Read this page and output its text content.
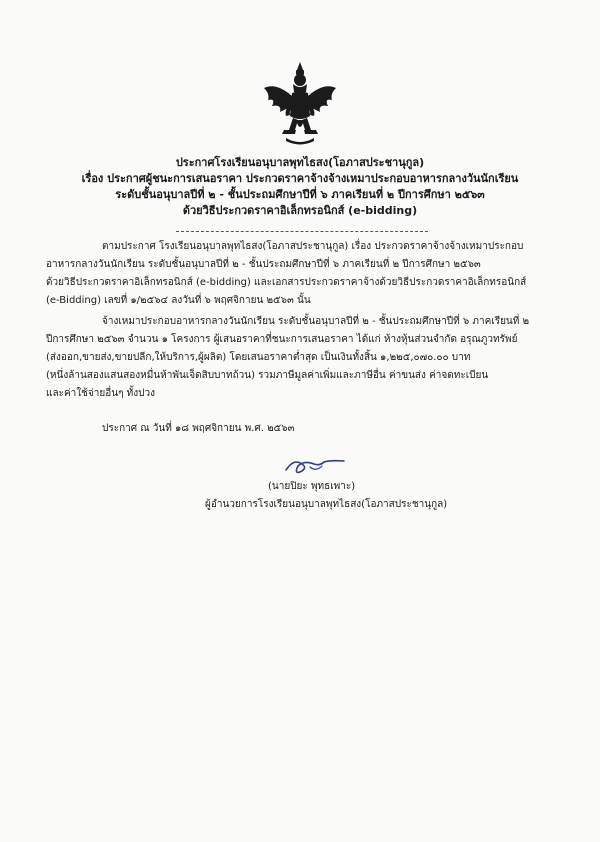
ประกาศโรงเรียนอนุบาลพุทไธสง(โอภาสประชานุกูล)
เรื่อง ประกาศผู้ชนะการเสนอราคา ประกวดราคาจ้างจ้างเหมาประกอบอาหารกลางวันนักเรียน
ระดับชั้นอนุบาลปีที่ ๒ - ชั้นประถมศึกษาปีที่ ๖ ภาคเรียนที่ ๒ ปีการศึกษา ๒๕๖๓
ด้วยวิธีประกวดราคาอิเล็กทรอนิกส์ (e-bidding)
ตามประกาศ โรงเรียนอนุบาลพุทไธสง(โอภาสประชานุกูล) เรื่อง ประกวดราคาจ้างจ้างเหมาประกอบ
อาหารกลางวันนักเรียน ระดับชั้นอนุบาลปีที่ ๒ - ชั้นประถมศึกษาปีที่ ๖ ภาคเรียนที่ ๒ ปีการศึกษา ๒๕๖๓
ด้วยวิธีประกวดราคาอิเล็กทรอนิกส์ (e-bidding) และเอกสารประกวดราคาจ้างด้วยวิธีประกวดราคาอิเล็กทรอนิกส์
(e-Bidding) เลขที่ ๑/๒๕๖๔ ลงวันที่ ๖ พฤศจิกายน ๒๕๖๓ นั้น
จ้างเหมาประกอบอาหารกลางวันนักเรียน ระดับชั้นอนุบาลปีที่ ๒ - ชั้นประถมศึกษาปีที่ ๖ ภาคเรียนที่ ๒
ปีการศึกษา ๒๕๖๓ จำนวน ๑ โครงการ ผู้เสนอราคาที่ชนะการเสนอราคา ได้แก่ ห้างหุ้นส่วนจำกัด อรุณภูวทรัพย์
(ส่งออก,ขายส่ง,ขายปลีก,ให้บริการ,ผู้ผลิต) โดยเสนอราคาต่ำสุด เป็นเงินทั้งสิ้น ๑,๒๒๕,๐๗๐.๐๐ บาท
(หนึ่งล้านสองแสนสองหมื่นห้าพันเจ็ดสิบบาทถ้วน) รวมภาษีมูลค่าเพิ่มและภาษีอื่น ค่าขนส่ง ค่าจดทะเบียน
และค่าใช้จ่ายอื่นๆ ทั้งปวง
ประกาศ ณ วันที่ ๑๘ พฤศจิกายน พ.ศ. ๒๕๖๓
(นายปิยะ พุทธเพาะ)
ผู้อำนวยการโรงเรียนอนุบาลพุทไธสง(โอภาสประชานุกูล)
